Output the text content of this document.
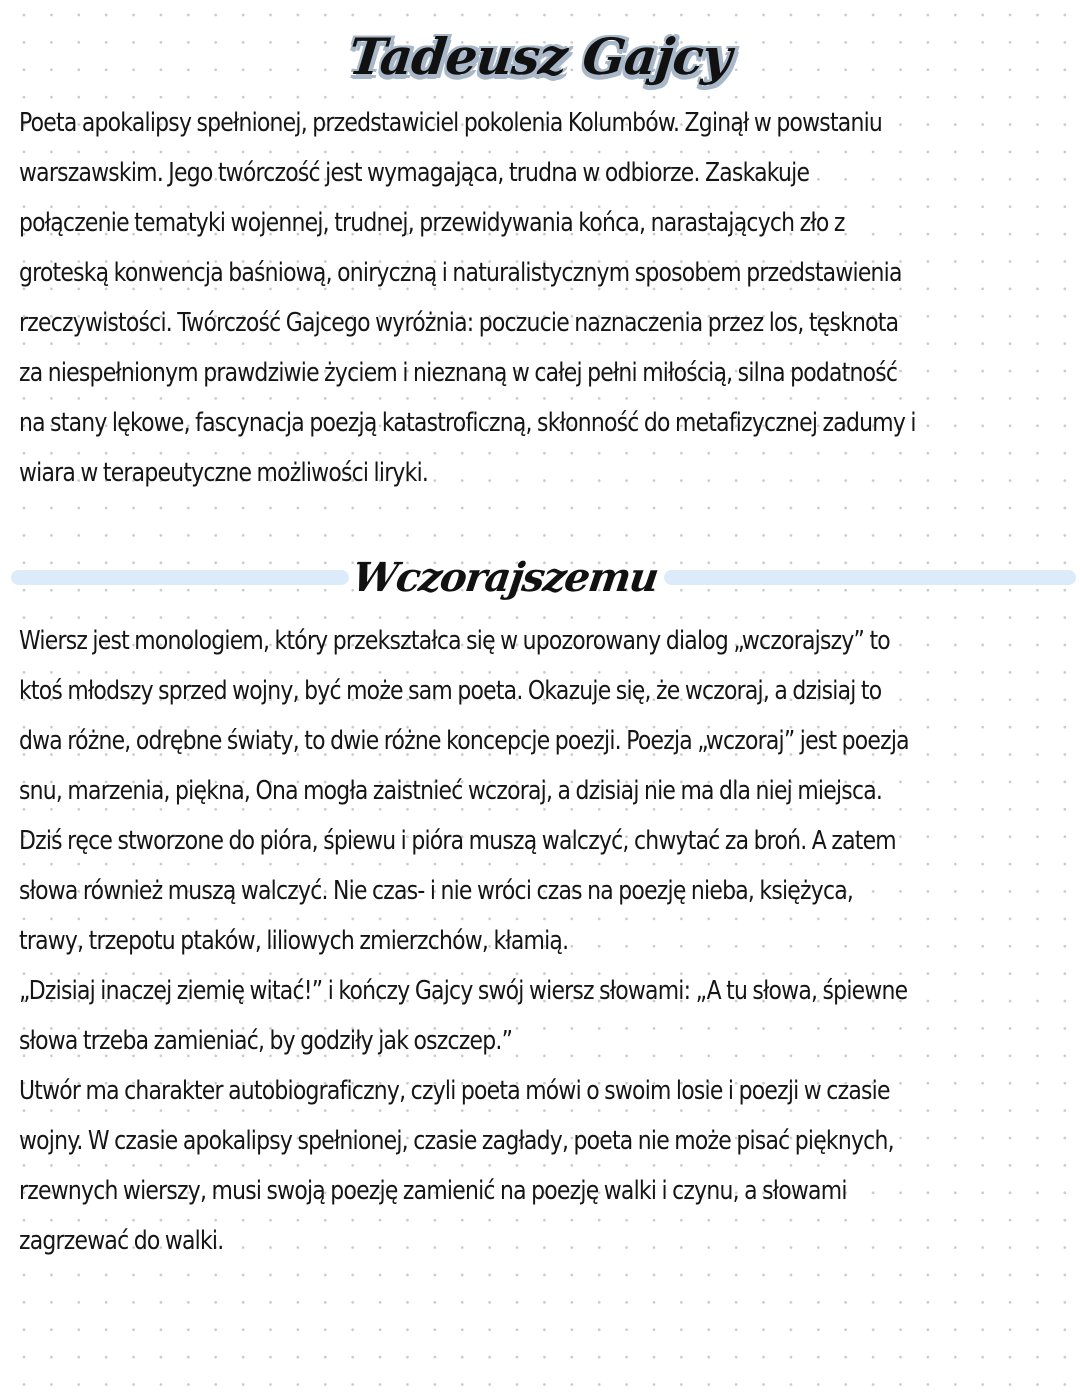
Tadeusz Gajcy

Poeta apokalipsy spełnionej, przedstawiciel pokolenia Kolumbów. Zginął w powstaniu
warszawskim. Jego twórczość jest wymagająca, trudna w odbiorze. Zaskakuje
połączenie tematyki wojennej, trudnej, przewidywania końca, narastających zło z
groteską konwencja baśniową, oniryczną i naturalistycznym sposobem przedstawienia
rzeczywistości. Twórczość Gajcego wyróżnia: poczucie naznaczenia przez los, tęsknota
za niespełnionym prawdziwie życiem i nieznaną w całej pełni miłością, silna podatność
na stany lękowe, fascynacja poezją katastroficzną, skłonność do metafizycznej zadumy i
wiara w terapeutyczne możliwości liryki.

Wczorajszemu

Wiersz jest monologiem, który przekształca się w upozorowany dialog „wczorajszy” to
ktoś młodszy sprzed wojny, być może sam poeta. Okazuje się, że wczoraj, a dzisiaj to
dwa różne, odrębne światy, to dwie różne koncepcje poezji. Poezja „wczoraj” jest poezja
snu, marzenia, piękna, Ona mogła zaistnieć wczoraj, a dzisiaj nie ma dla niej miejsca.
Dziś ręce stworzone do pióra, śpiewu i pióra muszą walczyć, chwytać za broń. A zatem
słowa również muszą walczyć. Nie czas- i nie wróci czas na poezję nieba, księżyca,
trawy, trzepotu ptaków, liliowych zmierzchów, kłamią.
„Dzisiaj inaczej ziemię witać!” i kończy Gajcy swój wiersz słowami: „A tu słowa, śpiewne
słowa trzeba zamieniać, by godziły jak oszczep.”
Utwór ma charakter autobiograficzny, czyli poeta mówi o swoim losie i poezji w czasie
wojny. W czasie apokalipsy spełnionej, czasie zagłady, poeta nie może pisać pięknych,
rzewnych wierszy, musi swoją poezję zamienić na poezję walki i czynu, a słowami
zagrzewać do walki.
